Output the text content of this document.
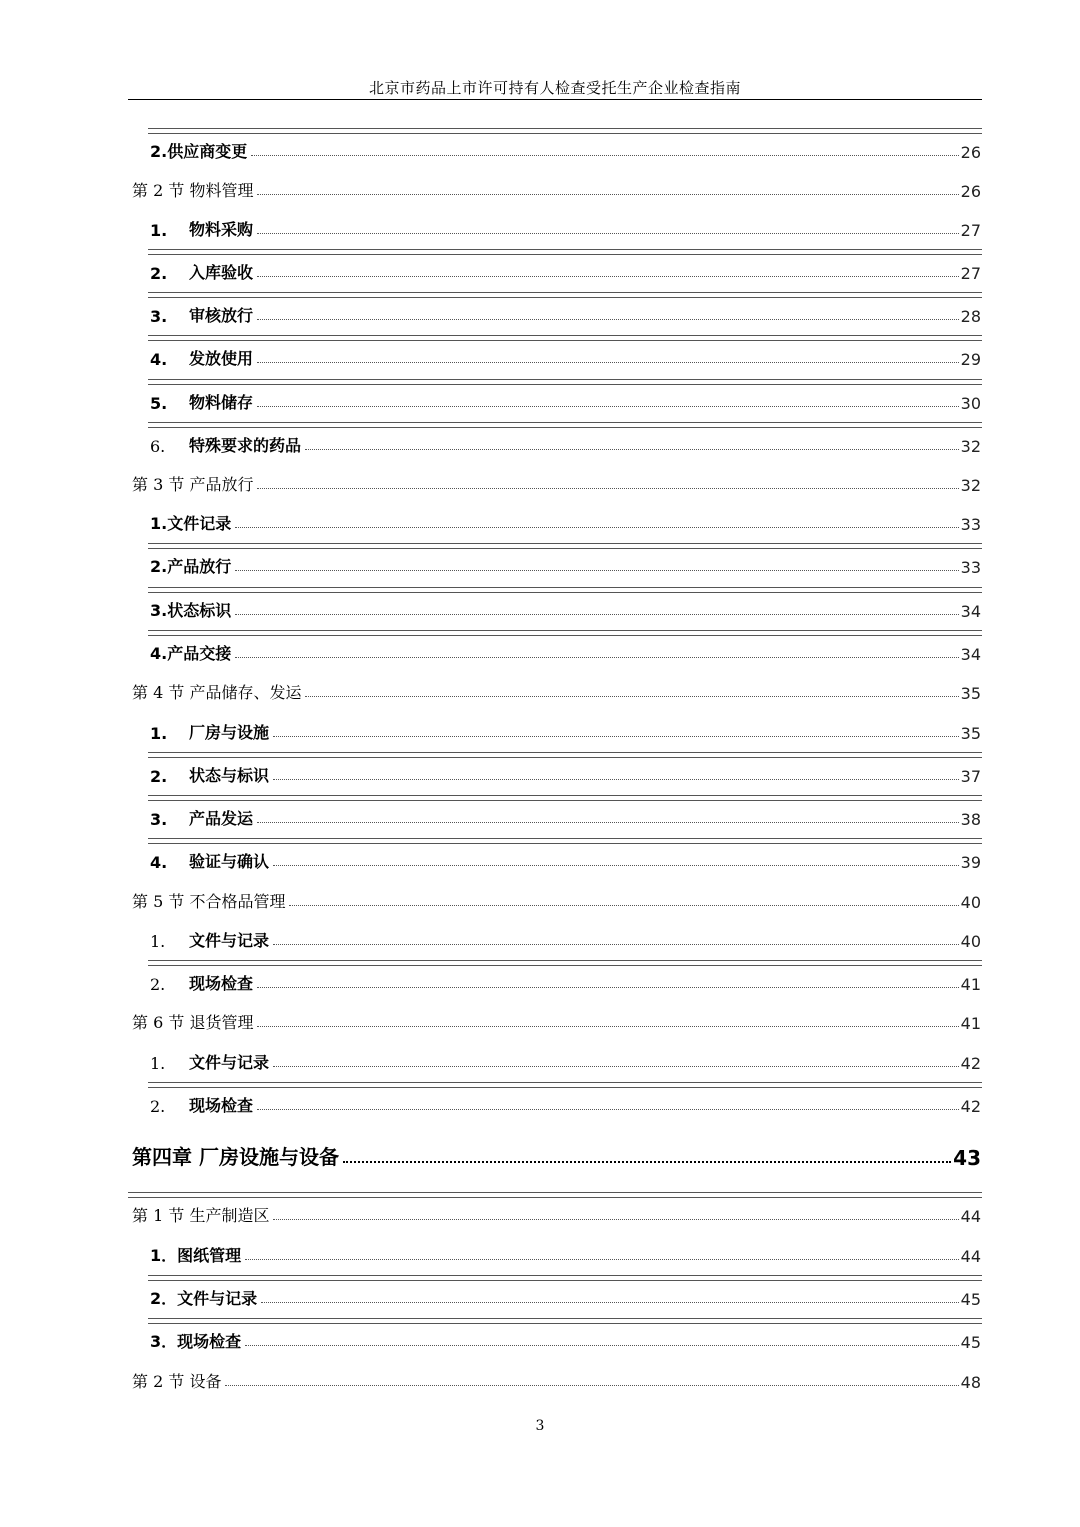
北京市药品上市许可持有人检查受托生产企业检查指南
2.供应商变更	26
第 2 节 物料管理	26
1.	物料采购	27
2.	入库验收	27
3.	审核放行	28
4.	发放使用	29
5.	物料储存	30
6.	特殊要求的药品	32
第 3 节 产品放行	32
1.文件记录	33
2.产品放行	33
3.状态标识	34
4.产品交接	34
第 4 节 产品储存、发运	35
1.	厂房与设施	35
2.	状态与标识	37
3.	产品发运	38
4.	验证与确认	39
第 5 节 不合格品管理	40
1.	文件与记录	40
2.	现场检查	41
第 6 节 退货管理	41
1.	文件与记录	42
2.	现场检查	42
第四章 厂房设施与设备	43
第 1 节 生产制造区	44
1．图纸管理	44
2．文件与记录	45
3．现场检查	45
第 2 节 设备	48
3
